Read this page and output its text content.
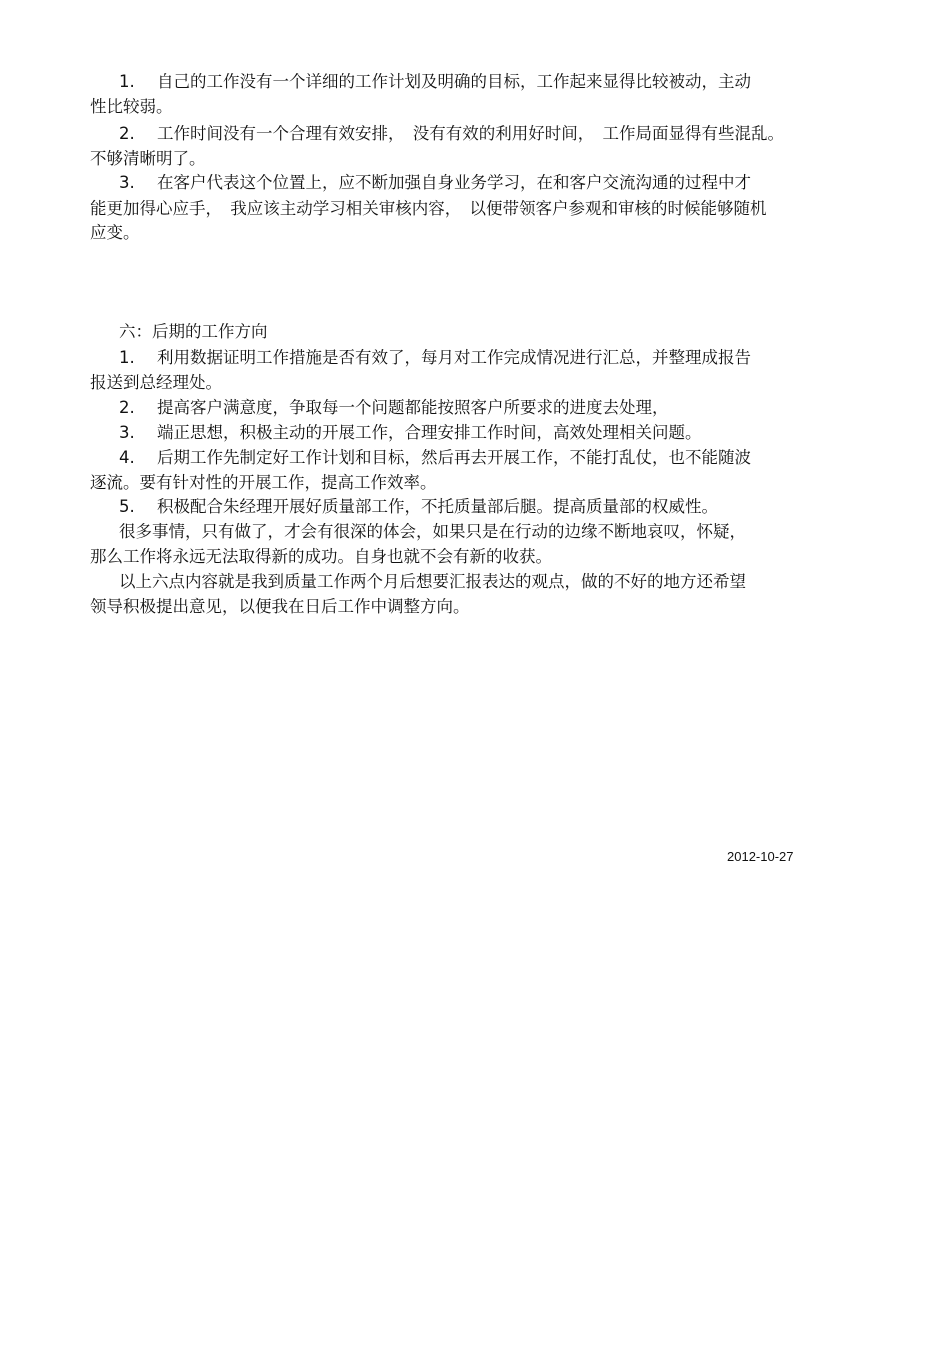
1. 自己的工作没有一个详细的工作计划及明确的目标，工作起来显得比较被动，主动
性比较弱。
2. 工作时间没有一个合理有效安排，　没有有效的利用好时间，　工作局面显得有些混乱。
不够清晰明了。
3. 在客户代表这个位置上，应不断加强自身业务学习，在和客户交流沟通的过程中才
能更加得心应手，　我应该主动学习相关审核内容，　以便带领客户参观和审核的时候能够随机
应变。
六：后期的工作方向
1. 利用数据证明工作措施是否有效了，每月对工作完成情况进行汇总，并整理成报告
报送到总经理处。
2. 提高客户满意度，争取每一个问题都能按照客户所要求的进度去处理，
3. 端正思想，积极主动的开展工作，合理安排工作时间，高效处理相关问题。
4. 后期工作先制定好工作计划和目标，然后再去开展工作，不能打乱仗，也不能随波
逐流。要有针对性的开展工作，提高工作效率。
5. 积极配合朱经理开展好质量部工作，不托质量部后腿。提高质量部的权威性。
很多事情，只有做了，才会有很深的体会，如果只是在行动的边缘不断地哀叹，怀疑，
那么工作将永远无法取得新的成功。自身也就不会有新的收获。
以上六点内容就是我到质量工作两个月后想要汇报表达的观点，做的不好的地方还希望
领导积极提出意见，以便我在日后工作中调整方向。
2012-10-27
